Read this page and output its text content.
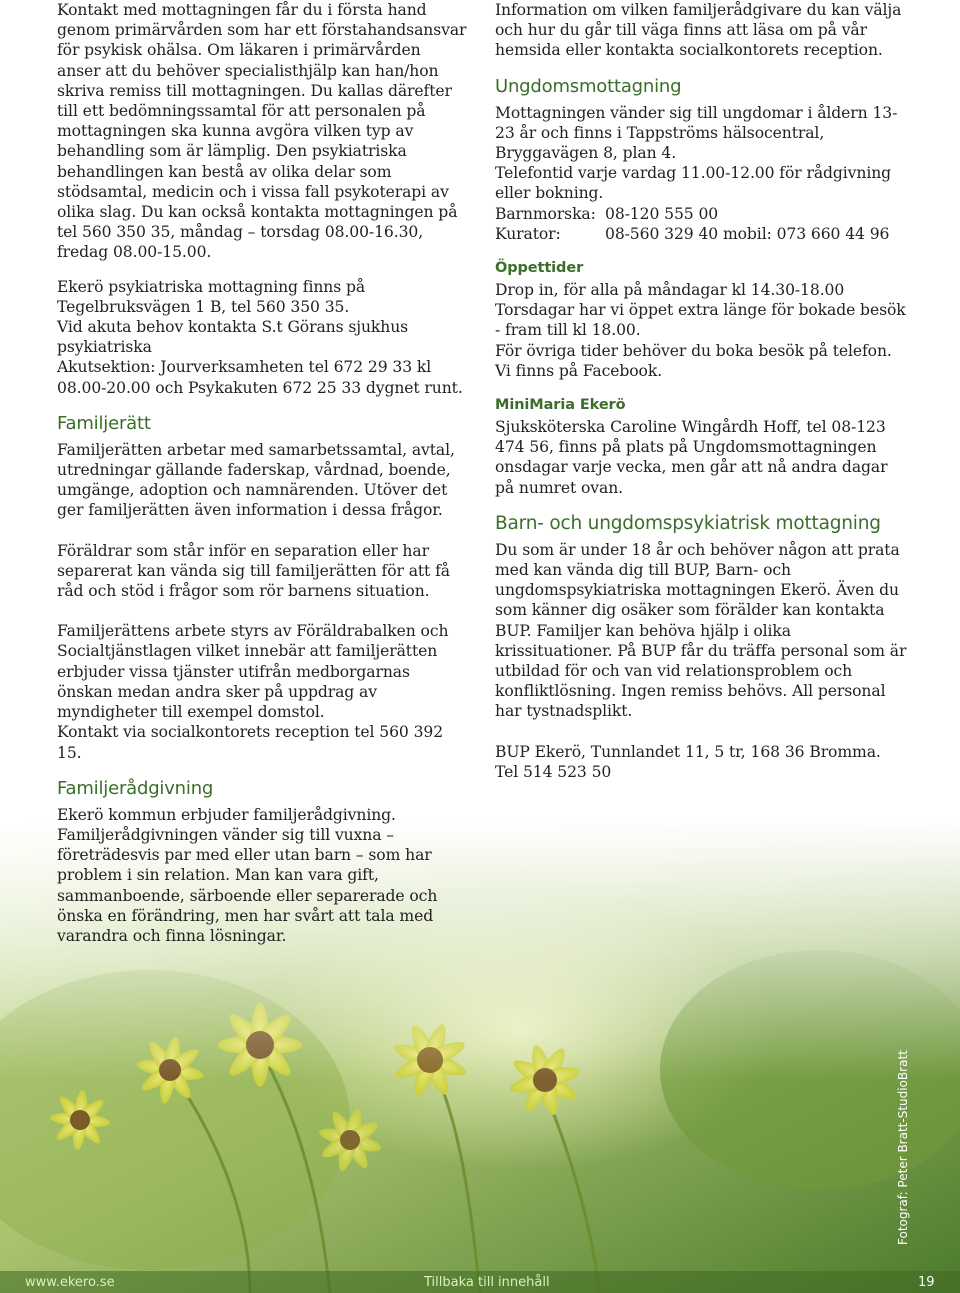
Kontakt med mottagningen får du i första hand genom primärvården som har ett förstahandsansvar för psykisk ohälsa. Om läkaren i primärvården anser att du behöver specialisthjälp kan han/hon skriva remiss till mottagningen. Du kallas därefter till ett bedömningssamtal för att personalen på mottagningen ska kunna avgöra vilken typ av behandling som är lämplig. Den psykiatriska behandlingen kan bestå av olika delar som stödsamtal, medicin och i vissa fall psykoterapi av olika slag. Du kan också kontakta mottagningen på tel 560 350 35, måndag – torsdag 08.00-16.30, fredag 08.00-15.00.

Ekerö psykiatriska mottagning finns på Tegelbruksvägen 1 B, tel 560 350 35.

Vid akuta behov kontakta S.t Görans sjukhus psykiatriska

Akutsektion: Jourverksamheten tel 672 29 33 kl 08.00-20.00 och Psykakuten 672 25 33 dygnet runt.

Familjerätt

Familjerätten arbetar med samarbetssamtal, avtal, utredningar gällande faderskap, vårdnad, boende, umgänge, adoption och namnärenden. Utöver det ger familjerätten även information i dessa frågor.

Föräldrar som står inför en separation eller har separerat kan vända sig till familjerätten för att få råd och stöd i frågor som rör barnens situation.

Familjerättens arbete styrs av Föräldrabalken och Socialtjänstlagen vilket innebär att familjerätten erbjuder vissa tjänster utifrån medborgarnas önskan medan andra sker på uppdrag av myndigheter till exempel domstol.

Kontakt via socialkontorets reception tel 560 392 15.

Familjerådgivning

Ekerö kommun erbjuder familjerådgivning. Familjerådgivningen vänder sig till vuxna – företrädesvis par med eller utan barn – som har problem i sin relation. Man kan vara gift, sammanboende, särboende eller separerade och önska en förändring, men har svårt att tala med varandra och finna lösningar.

Information om vilken familjerådgivare du kan välja och hur du går till väga finns att läsa om på vår hemsida eller kontakta socialkontorets reception.

Ungdomsmottagning

Mottagningen vänder sig till ungdomar i åldern 13-23 år och finns i Tappströms hälsocentral, Bryggavägen 8, plan 4.

Telefontid varje vardag 11.00-12.00 för rådgivning eller bokning.

Barnmorska: 08-120 555 00
Kurator:	08-560 329 40 mobil: 073 660 44 96
Öppettider

Drop in, för alla på måndagar kl 14.30-18.00

Torsdagar har vi öppet extra länge för bokade besök - fram till kl 18.00.

För övriga tider behöver du boka besök på telefon.

Vi finns på Facebook.

MiniMaria Ekerö

Sjuksköterska Caroline Wingårdh Hoff, tel 08-123 474 56, finns på plats på Ungdomsmottagningen onsdagar varje vecka, men går att nå andra dagar på numret ovan.

Barn- och ungdomspsykiatrisk mottagning

Du som är under 18 år och behöver någon att prata med kan vända dig till BUP, Barn- och ungdomspsykiatriska mottagningen Ekerö. Även du som känner dig osäker som förälder kan kontakta BUP. Familjer kan behöva hjälp i olika krissituationer. På BUP får du träffa personal som är utbildad för och van vid relationsproblem och konfliktlösning. Ingen remiss behövs. All personal har tystnadsplikt.

BUP Ekerö, Tunnlandet 11, 5 tr, 168 36 Bromma.

Tel 514 523 50

Fotograf: Peter Bratt-StudioBratt
www.ekero.se	Tillbaka till innehåll	19
